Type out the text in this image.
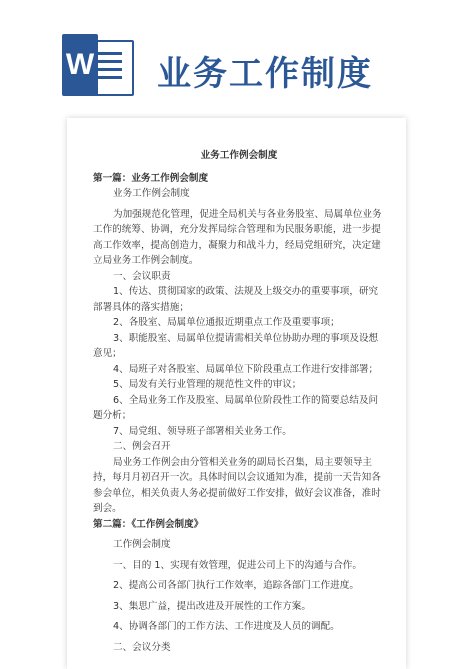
W 业务工作制度

业务工作例会制度

第一篇：业务工作例会制度

业务工作例会制度

为加强规范化管理，促进全局机关与各业务股室、局属单位业务工作的统筹、协调，充分发挥局综合管理和为民服务职能，进一步提高工作效率，提高创造力，凝聚力和战斗力，经局党组研究，决定建立局业务工作例会制度。

一、会议职责

1、传达、贯彻国家的政策、法规及上级交办的重要事项，研究部署具体的落实措施；

2、各股室、局属单位通报近期重点工作及重要事项；

3、职能股室、局属单位提请需相关单位协助办理的事项及设想意见；

4、局班子对各股室、局属单位下阶段重点工作进行安排部署；

5、局发有关行业管理的规范性文件的审议；

6、全局业务工作及股室、局属单位阶段性工作的简要总结及问题分析；

7、局党组、领导班子部署相关业务工作。

二、例会召开

局业务工作例会由分管相关业务的副局长召集，局主要领导主持，每月月初召开一次。具体时间以会议通知为准，提前一天告知各参会单位，相关负责人务必提前做好工作安排，做好会议准备，准时到会。

第二篇：《工作例会制度》

工作例会制度

一、目的 1、实现有效管理，促进公司上下的沟通与合作。

2、提高公司各部门执行工作效率，追踪各部门工作进度。

3、集思广益，提出改进及开展性的工作方案。

4、协调各部门的工作方法、工作进度及人员的调配。

二、会议分类
